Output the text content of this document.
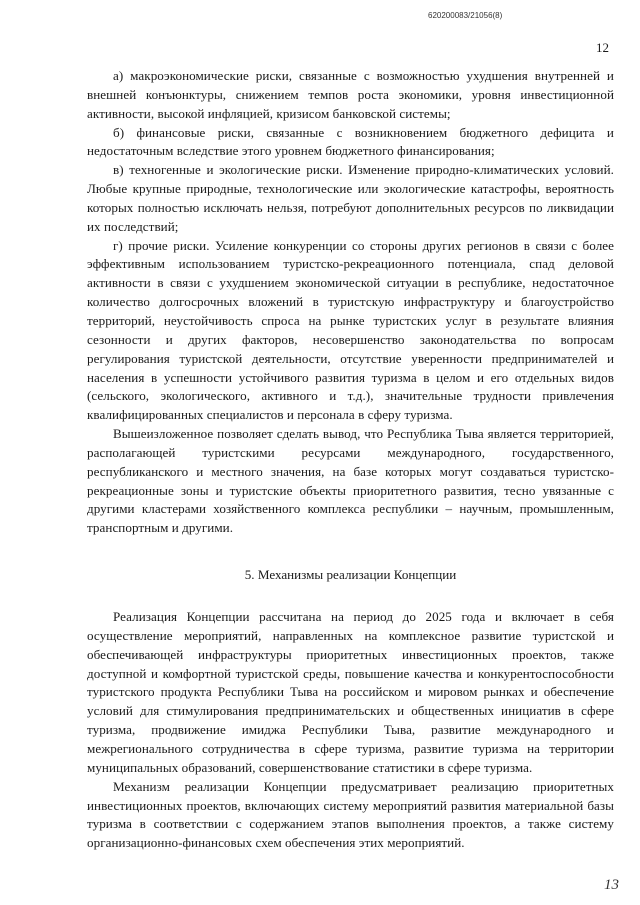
620200083/21056(8)
12

а) макроэкономические риски, связанные с возможностью ухудшения внутренней и внешней конъюнктуры, снижением темпов роста экономики, уровня инвестиционной активности, высокой инфляцией, кризисом банковской системы;

б) финансовые риски, связанные с возникновением бюджетного дефицита и недостаточным вследствие этого уровнем бюджетного финансирования;

в) техногенные и экологические риски. Изменение природно-климатических условий. Любые крупные природные, технологические или экологические катастрофы, вероятность которых полностью исключать нельзя, потребуют дополнительных ресурсов по ликвидации их последствий;

г) прочие риски. Усиление конкуренции со стороны других регионов в связи с более эффективным использованием туристско-рекреационного потенциала, спад деловой активности в связи с ухудшением экономической ситуации в республике, недостаточное количество долгосрочных вложений в туристскую инфраструктуру и благоустройство территорий, неустойчивость спроса на рынке туристских услуг в результате влияния сезонности и других факторов, несовершенство законодательства по вопросам регулирования туристской деятельности, отсутствие уверенности предпринимателей и населения в успешности устойчивого развития туризма в целом и его отдельных видов (сельского, экологического, активного и т.д.), значительные трудности привлечения квалифицированных специалистов и персонала в сферу туризма.

Вышеизложенное позволяет сделать вывод, что Республика Тыва является территорией, располагающей туристскими ресурсами международного, государственного, республиканского и местного значения, на базе которых могут создаваться туристско-рекреационные зоны и туристские объекты приоритетного развития, тесно увязанные с другими кластерами хозяйственного комплекса республики – научным, промышленным, транспортным и другими.

5. Механизмы реализации Концепции

Реализация Концепции рассчитана на период до 2025 года и включает в себя осуществление мероприятий, направленных на комплексное развитие туристской и обеспечивающей инфраструктуры приоритетных инвестиционных проектов, также доступной и комфортной туристской среды, повышение качества и конкурентоспособности туристского продукта Республики Тыва на российском и мировом рынках и обеспечение условий для стимулирования предпринимательских и общественных инициатив в сфере туризма, продвижение имиджа Республики Тыва, развитие международного и межрегионального сотрудничества в сфере туризма, развитие туризма на территории муниципальных образований, совершенствование статистики в сфере туризма.

Механизм реализации Концепции предусматривает реализацию приоритетных инвестиционных проектов, включающих систему мероприятий развития материальной базы туризма в соответствии с содержанием этапов выполнения проектов, а также систему организационно-финансовых схем обеспечения этих мероприятий.

13
